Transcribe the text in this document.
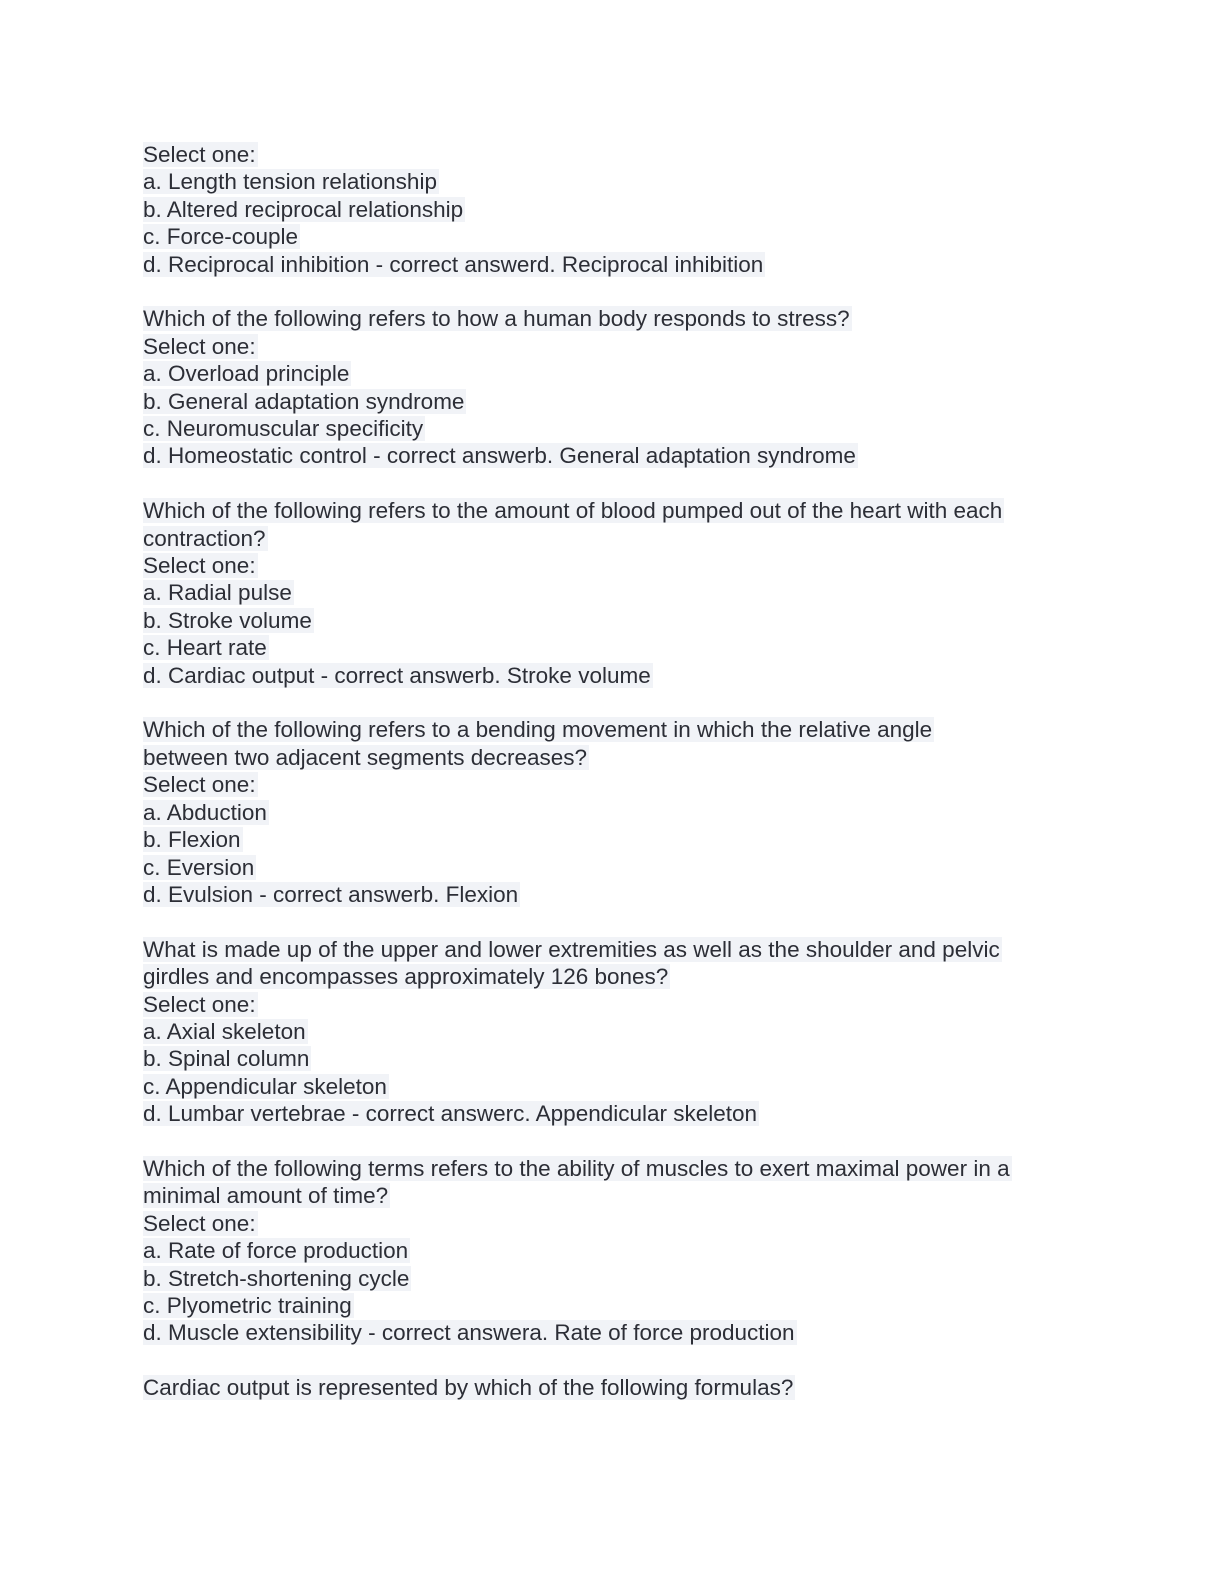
Select one:
a. Length tension relationship
b. Altered reciprocal relationship
c. Force-couple
d. Reciprocal inhibition - correct answerd. Reciprocal inhibition
Which of the following refers to how a human body responds to stress?
Select one:
a. Overload principle
b. General adaptation syndrome
c. Neuromuscular specificity
d. Homeostatic control - correct answerb. General adaptation syndrome
Which of the following refers to the amount of blood pumped out of the heart with each
contraction?
Select one:
a. Radial pulse
b. Stroke volume
c. Heart rate
d. Cardiac output - correct answerb. Stroke volume
Which of the following refers to a bending movement in which the relative angle
between two adjacent segments decreases?
Select one:
a. Abduction
b. Flexion
c. Eversion
d. Evulsion - correct answerb. Flexion
What is made up of the upper and lower extremities as well as the shoulder and pelvic
girdles and encompasses approximately 126 bones?
Select one:
a. Axial skeleton
b. Spinal column
c. Appendicular skeleton
d. Lumbar vertebrae - correct answerc. Appendicular skeleton
Which of the following terms refers to the ability of muscles to exert maximal power in a
minimal amount of time?
Select one:
a. Rate of force production
b. Stretch-shortening cycle
c. Plyometric training
d. Muscle extensibility - correct answera. Rate of force production
Cardiac output is represented by which of the following formulas?
